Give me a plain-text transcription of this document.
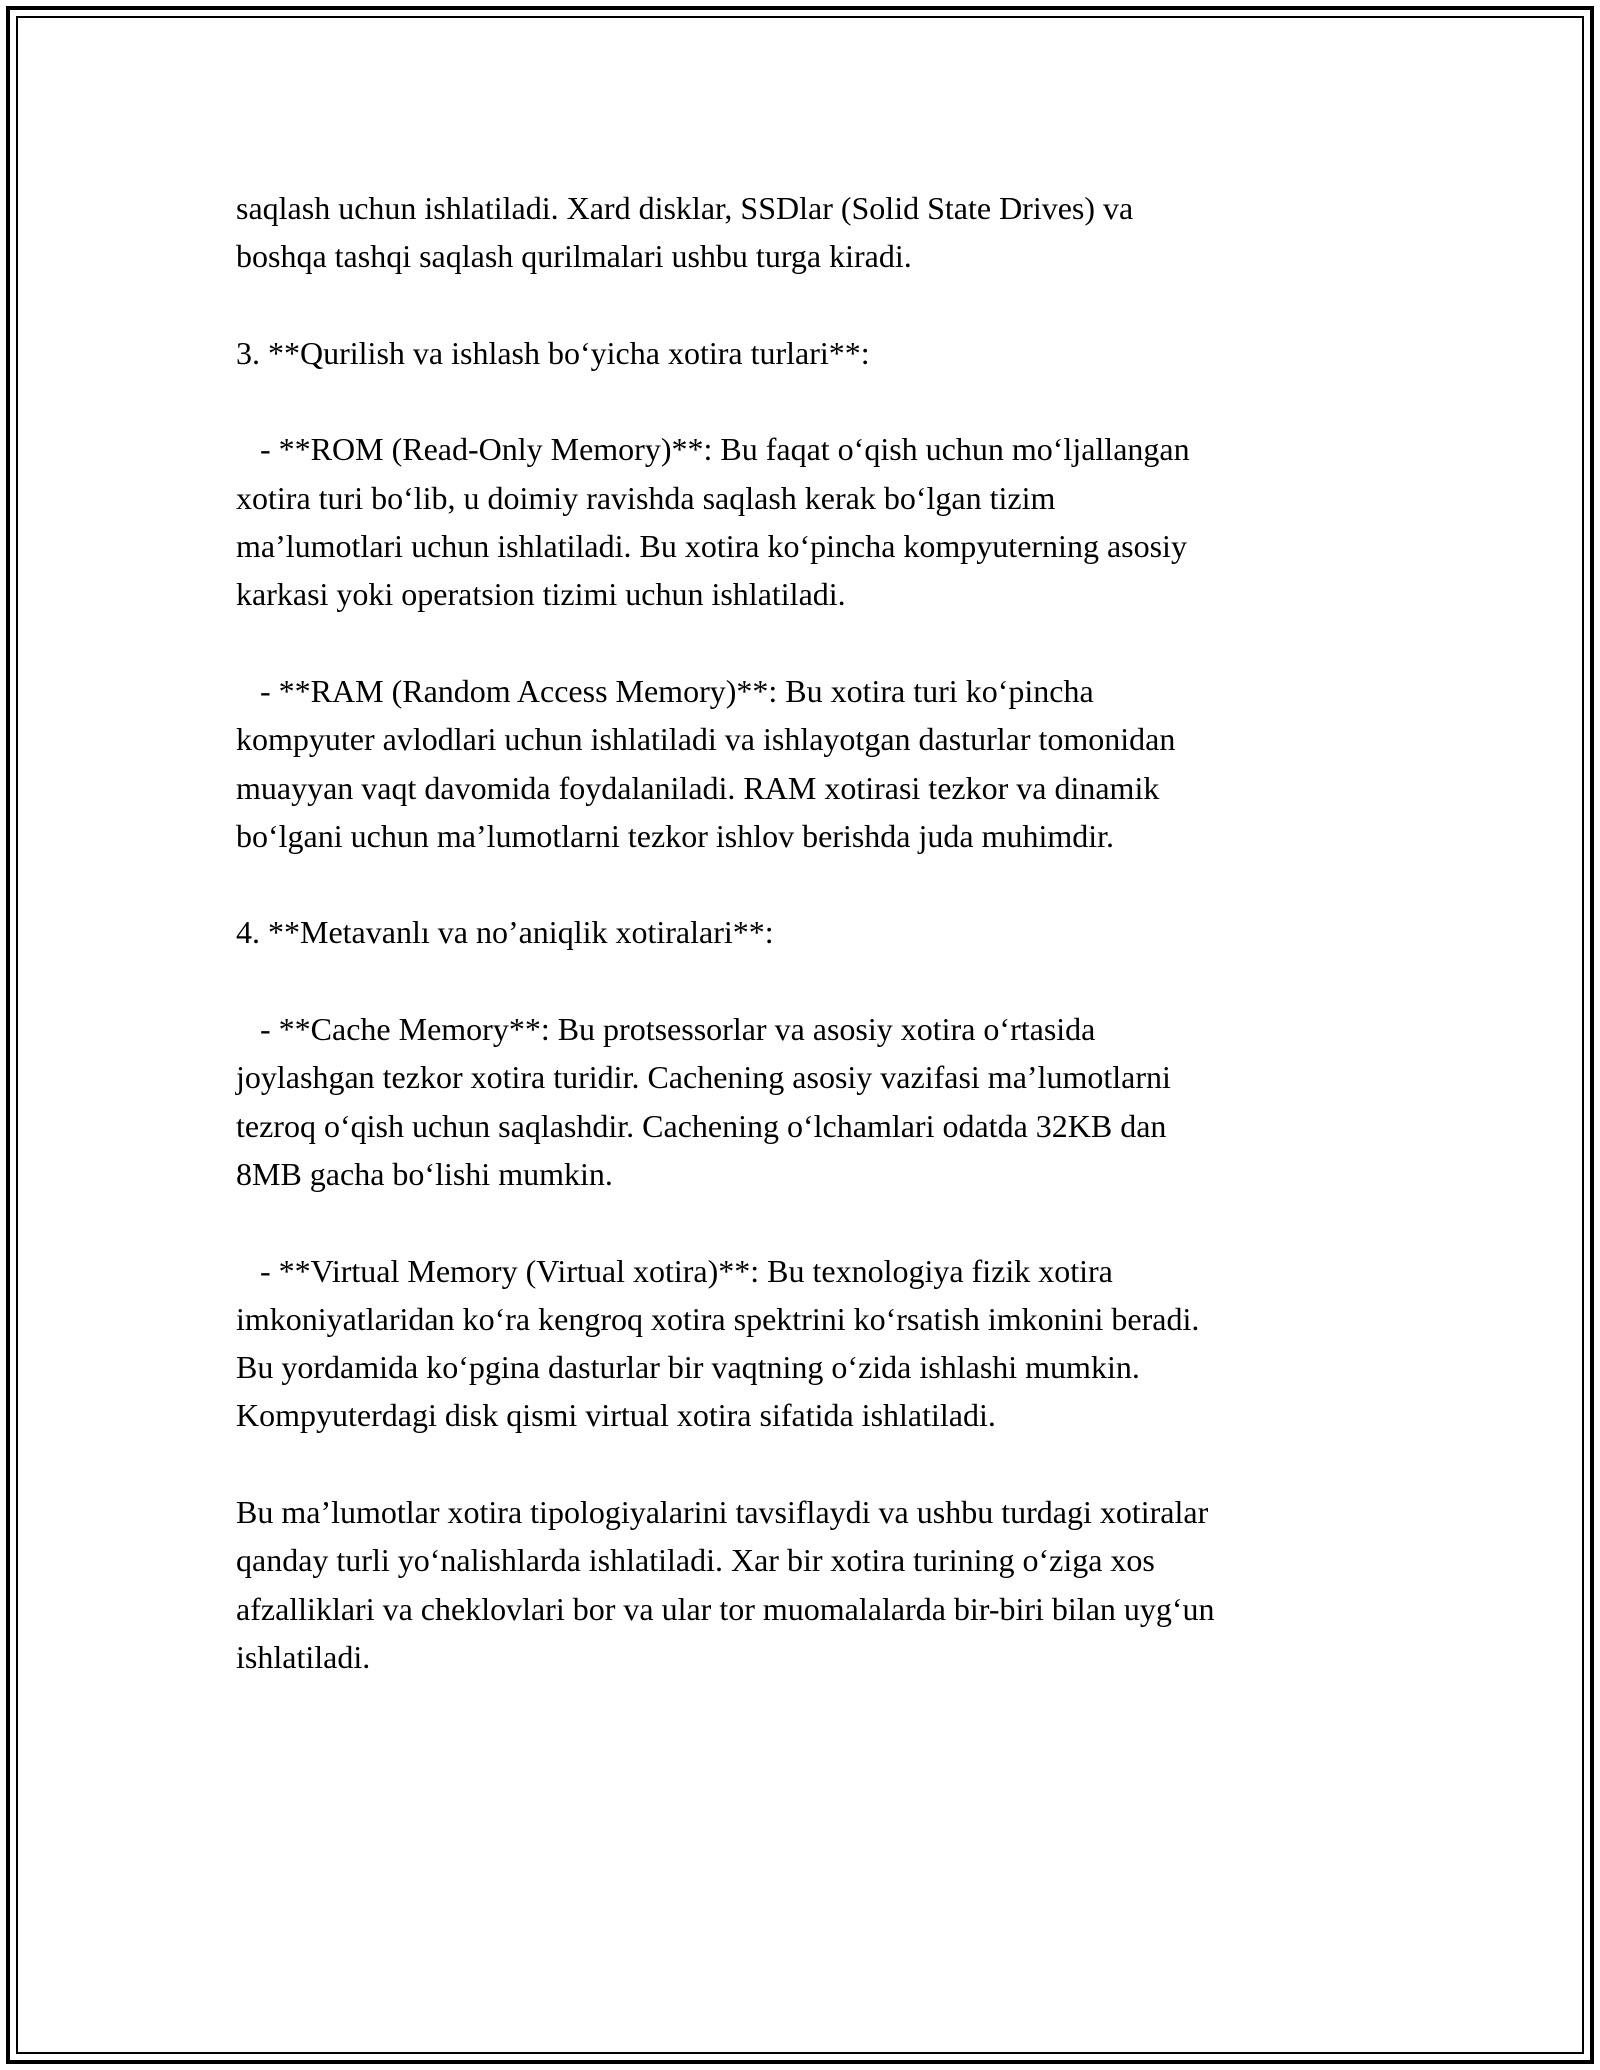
saqlash uchun ishlatiladi. Xard disklar, SSDlar (Solid State Drives) va
boshqa tashqi saqlash qurilmalari ushbu turga kiradi.

3. **Qurilish va ishlash bo‘yicha xotira turlari**:

- **ROM (Read-Only Memory)**: Bu faqat o‘qish uchun mo‘ljallangan
xotira turi bo‘lib, u doimiy ravishda saqlash kerak bo‘lgan tizim
ma’lumotlari uchun ishlatiladi. Bu xotira ko‘pincha kompyuterning asosiy
karkasi yoki operatsion tizimi uchun ishlatiladi.

- **RAM (Random Access Memory)**: Bu xotira turi ko‘pincha
kompyuter avlodlari uchun ishlatiladi va ishlayotgan dasturlar tomonidan
muayyan vaqt davomida foydalaniladi. RAM xotirasi tezkor va dinamik
bo‘lgani uchun ma’lumotlarni tezkor ishlov berishda juda muhimdir.

4. **Metavanlı va no’aniqlik xotiralari**:

- **Cache Memory**: Bu protsessorlar va asosiy xotira o‘rtasida
joylashgan tezkor xotira turidir. Cachening asosiy vazifasi ma’lumotlarni
tezroq o‘qish uchun saqlashdir. Cachening o‘lchamlari odatda 32KB dan
8MB gacha bo‘lishi mumkin.

- **Virtual Memory (Virtual xotira)**: Bu texnologiya fizik xotira
imkoniyatlaridan ko‘ra kengroq xotira spektrini ko‘rsatish imkonini beradi.
Bu yordamida ko‘pgina dasturlar bir vaqtning o‘zida ishlashi mumkin.
Kompyuterdagi disk qismi virtual xotira sifatida ishlatiladi.

Bu ma’lumotlar xotira tipologiyalarini tavsiflaydi va ushbu turdagi xotiralar
qanday turli yo‘nalishlarda ishlatiladi. Xar bir xotira turining o‘ziga xos
afzalliklari va cheklovlari bor va ular tor muomalalarda bir-biri bilan uyg‘un
ishlatiladi.
